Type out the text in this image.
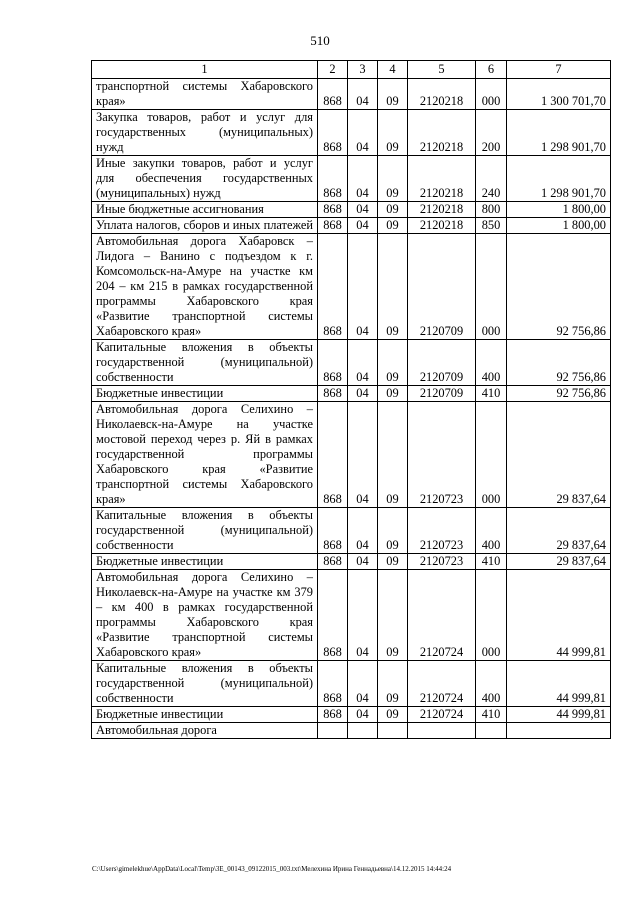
510
1	2	3	4	5	6	7
транспортной системы Хабаровского края»	868	04	09	2120218	000	1 300 701,70
Закупка товаров, работ и услуг для государственных (муниципальных) нужд	868	04	09	2120218	200	1 298 901,70
Иные закупки товаров, работ и услуг для обеспечения государственных (муниципальных) нужд	868	04	09	2120218	240	1 298 901,70
Иные бюджетные ассигнования	868	04	09	2120218	800	1 800,00
Уплата налогов, сборов и иных платежей	868	04	09	2120218	850	1 800,00
Автомобильная дорога Хабаровск – Лидога – Ванино с подъездом к г. Комсомольск-на-Амуре на участке км 204 – км 215 в рамках государственной программы Хабаровского края «Развитие транспортной системы Хабаровского края»	868	04	09	2120709	000	92 756,86
Капитальные вложения в объекты государственной (муниципальной) собственности	868	04	09	2120709	400	92 756,86
Бюджетные инвестиции	868	04	09	2120709	410	92 756,86
Автомобильная дорога Селихино – Николаевск-на-Амуре на участке мостовой переход через р. Яй в рамках государственной программы Хабаровского края «Развитие транспортной системы Хабаровского края»	868	04	09	2120723	000	29 837,64
Капитальные вложения в объекты государственной (муниципальной) собственности	868	04	09	2120723	400	29 837,64
Бюджетные инвестиции	868	04	09	2120723	410	29 837,64
Автомобильная дорога Селихино – Николаевск-на-Амуре на участке км 379 – км 400 в рамках государственной программы Хабаровского края «Развитие транспортной системы Хабаровского края»	868	04	09	2120724	000	44 999,81
Капитальные вложения в объекты государственной (муниципальной) собственности	868	04	09	2120724	400	44 999,81
Бюджетные инвестиции	868	04	09	2120724	410	44 999,81
Автомобильная дорога						
C:\Users\gimelekhue\AppData\Local\Temp\3E_00143_09122015_003.txt\Мелехина Ирина Геннадьевна\14.12.2015 14:44:24
